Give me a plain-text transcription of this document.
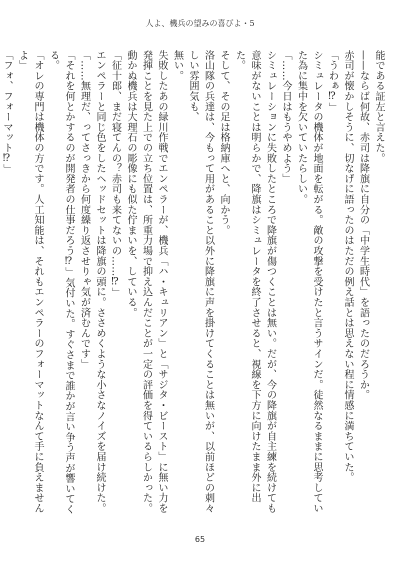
人よ、機兵の望みの喜びよ・5

能である証左と言えた。

——ならば何故、赤司は降旗に自分の「中学生時代」を語ったのだろうか。

赤司が懐かしそうに、切なげに語ったのはただの例え話とは思えない程に情感に満ちていた。

「うわぁ⁉」

シミュレータの機体が地面を転がる。敵の攻撃を受けたと言うサインだ。徒然なるままに思考していた為に集中を欠いていたらしい。

「……今日はもうやめよう」

シミュレーションに失敗したところで降旗が傷つくことは無い。だが、今の降旗が自主練を続けても意味がないことは明らかで、降旗はシミュレータを終了させると、視線を下方に向けたまま外に出た。

そして、その足は格納庫へと、向かう。

洛山隊の兵達は、今もって用があること以外に降旗に声を掛けてくることは無いが、以前ほどの刺々しい雰囲気も、

無い。

失敗したあの緑川作戦でエンペラーが、機兵「ハ・キュリアン」と「サジタ・ビースト」に無い力を発揮ことを見た上での立ち位置は、所重力場で抑え込んだことが一定の評価を得ているらしかった。

動かぬ機兵は大理石の彫像にも似た佇まいを、している。

「征十郎、まだ寝てんの？赤司も来てないの……⁉」

エンペラーと同じ色をしたヘッドセットは降旗の頭に。ささめくような小さなノイズを届け続けた。

「……無理だ、ってさっきから何度繰り返させりゃ気が済むんです」

「それを何とかするのが開発者の仕事だろう⁉」気付いた。すぐさまで誰かが言い争う声が響いてくる。

「オレの専門は機体の方です。人工知能は、それもエンペラーのフォーマットなんて手に負えませんよ」

「フォ、フォーマット⁉」

65
